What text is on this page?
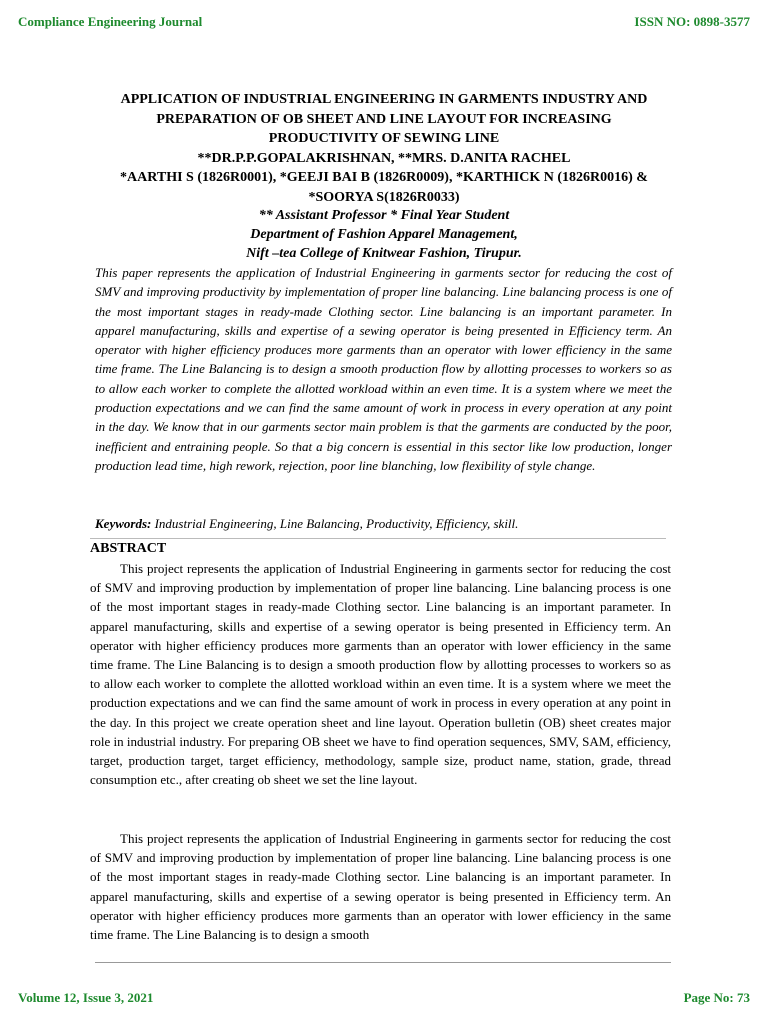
Compliance Engineering Journal	ISSN NO: 0898-3577
APPLICATION OF INDUSTRIAL ENGINEERING IN GARMENTS INDUSTRY AND
PREPARATION OF OB SHEET AND LINE LAYOUT FOR INCREASING
PRODUCTIVITY OF SEWING LINE
**DR.P.P.GOPALAKRISHNAN, **MRS. D.ANITA RACHEL
*AARTHI S (1826R0001), *GEEJI BAI B (1826R0009), *KARTHICK N (1826R0016) &
*SOORYA S(1826R0033)
** Assistant Professor * Final Year Student
Department of Fashion Apparel Management,
Nift –tea College of Knitwear Fashion, Tirupur.

This paper represents the application of Industrial Engineering in garments sector for reducing the cost of SMV and improving productivity by implementation of proper line balancing. Line balancing process is one of the most important stages in ready-made Clothing sector. Line balancing is an important parameter. In apparel manufacturing, skills and expertise of a sewing operator is being presented in Efficiency term. An operator with higher efficiency produces more garments than an operator with lower efficiency in the same time frame. The Line Balancing is to design a smooth production flow by allotting processes to workers so as to allow each worker to complete the allotted workload within an even time. It is a system where we meet the production expectations and we can find the same amount of work in process in every operation at any point in the day. We know that in our garments sector main problem is that the garments are conducted by the poor, inefficient and entraining people. So that a big concern is essential in this sector like low production, longer production lead time, high rework, rejection, poor line blanching, low flexibility of style change.

Keywords: Industrial Engineering, Line Balancing, Productivity, Efficiency, skill.

ABSTRACT

This project represents the application of Industrial Engineering in garments sector for reducing the cost of SMV and improving production by implementation of proper line balancing. Line balancing process is one of the most important stages in ready-made Clothing sector. Line balancing is an important parameter. In apparel manufacturing, skills and expertise of a sewing operator is being presented in Efficiency term. An operator with higher efficiency produces more garments than an operator with lower efficiency in the same time frame. The Line Balancing is to design a smooth production flow by allotting processes to workers so as to allow each worker to complete the allotted workload within an even time. It is a system where we meet the production expectations and we can find the same amount of work in process in every operation at any point in the day. In this project we create operation sheet and line layout. Operation bulletin (OB) sheet creates major role in industrial industry. For preparing OB sheet we have to find operation sequences, SMV, SAM, efficiency, target, production target, target efficiency, methodology, sample size, product name, station, grade, thread consumption etc., after creating ob sheet we set the line layout.

This project represents the application of Industrial Engineering in garments sector for reducing the cost of SMV and improving production by implementation of proper line balancing. Line balancing process is one of the most important stages in ready-made Clothing sector. Line balancing is an important parameter. In apparel manufacturing, skills and expertise of a sewing operator is being presented in Efficiency term. An operator with higher efficiency produces more garments than an operator with lower efficiency in the same time frame. The Line Balancing is to design a smooth

Volume 12, Issue 3, 2021	Page No: 73
